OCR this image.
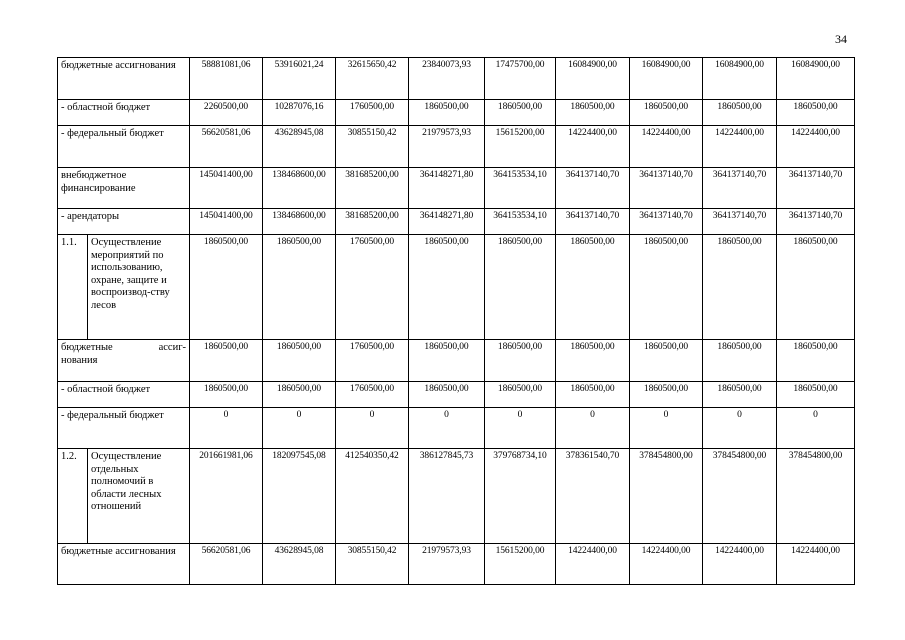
34
бюджетные ассигнования		58881081,06	53916021,24	32615650,42	23840073,93	17475700,00	16084900,00	16084900,00	16084900,00	16084900,00
- областной бюджет		2260500,00	10287076,16	1760500,00	1860500,00	1860500,00	1860500,00	1860500,00	1860500,00	1860500,00
- федеральный бюджет		56620581,06	43628945,08	30855150,42	21979573,93	15615200,00	14224400,00	14224400,00	14224400,00	14224400,00
внебюджетное финансирование		145041400,00	138468600,00	381685200,00	364148271,80	364153534,10	364137140,70	364137140,70	364137140,70	364137140,70
- арендаторы		145041400,00	138468600,00	381685200,00	364148271,80	364153534,10	364137140,70	364137140,70	364137140,70	364137140,70
1.1.	Осуществление мероприятий по использованию, охране, защите и воспроизвод-ству лесов	1860500,00	1860500,00	1760500,00	1860500,00	1860500,00	1860500,00	1860500,00	1860500,00	1860500,00

бюджетные ассиг-
нования		1860500,00	1860500,00	1760500,00	1860500,00	1860500,00	1860500,00	1860500,00	1860500,00	1860500,00
- областной бюджет		1860500,00	1860500,00	1760500,00	1860500,00	1860500,00	1860500,00	1860500,00	1860500,00	1860500,00
- федеральный бюджет		0	0	0	0	0	0	0	0	0
1.2.	Осуществление отдельных полномочий в области лесных отношений	201661981,06	182097545,08	412540350,42	386127845,73	379768734,10	378361540,70	378454800,00	378454800,00	378454800,00
бюджетные ассигнования		56620581,06	43628945,08	30855150,42	21979573,93	15615200,00	14224400,00	14224400,00	14224400,00	14224400,00
